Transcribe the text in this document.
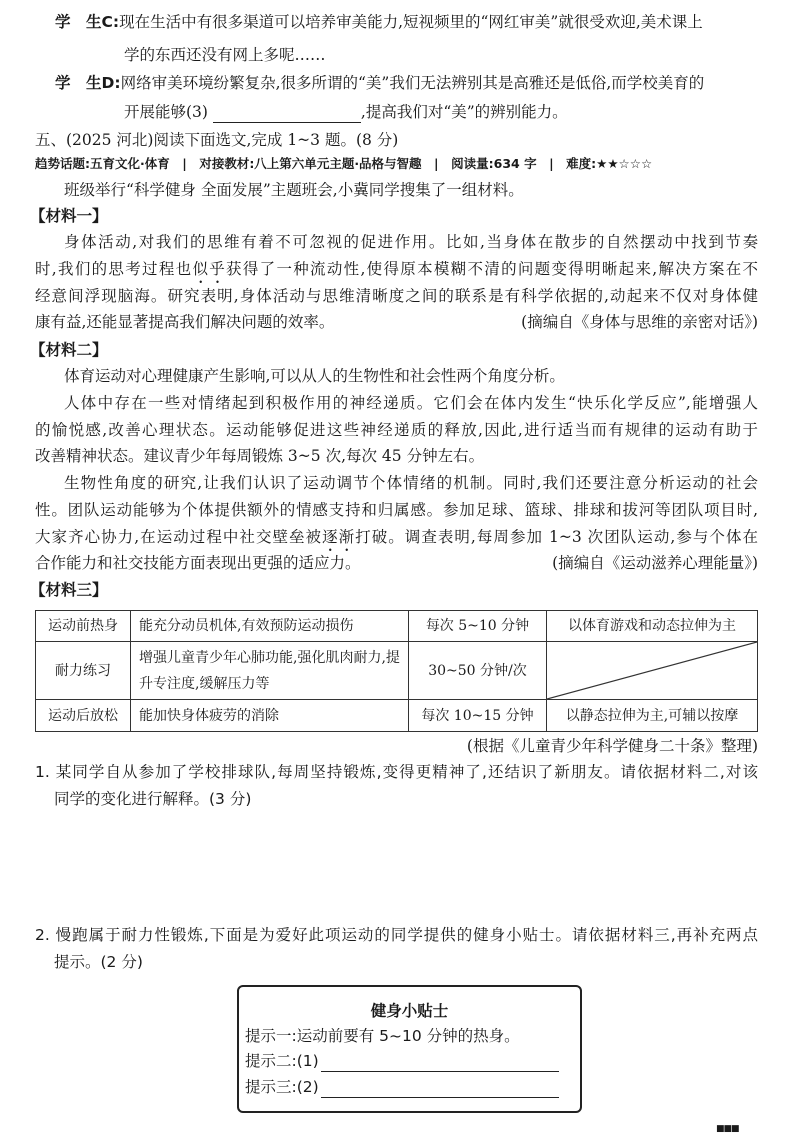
学　生C:现在生活中有很多渠道可以培养审美能力,短视频里的“网红审美”就很受欢迎,美术课上
学的东西还没有网上多呢……
学　生D:网络审美环境纷繁复杂,很多所谓的“美”我们无法辨别其是高雅还是低俗,而学校美育的
开展能够(3)	,提高我们对“美”的辨别能力。
五、(2025 河北)阅读下面选文,完成 1~3 题。(8 分)
趋势话题:五育文化·体育　|　对接教材:八上第六单元主题·品格与智趣　|　阅读量:634 字　|　难度:★★☆☆☆
班级举行“科学健身 全面发展”主题班会,小冀同学搜集了一组材料。
【材料一】
身体活动,对我们的思维有着不可忽视的促进作用。比如,当身体在散步的自然摆动中找到节奏
时,我们的思考过程也似乎获得了一种流动性,使得原本模糊不清的问题变得明晰起来,解决方案在不
经意间浮现脑海。研究表明,身体活动与思维清晰度之间的联系是有科学依据的,动起来不仅对身体健
康有益,还能显著提高我们解决问题的效率。	(摘编自《身体与思维的亲密对话》)
【材料二】
体育运动对心理健康产生影响,可以从人的生物性和社会性两个角度分析。
人体中存在一些对情绪起到积极作用的神经递质。它们会在体内发生“快乐化学反应”,能增强人
的愉悦感,改善心理状态。运动能够促进这些神经递质的释放,因此,进行适当而有规律的运动有助于
改善精神状态。建议青少年每周锻炼 3~5 次,每次 45 分钟左右。
生物性角度的研究,让我们认识了运动调节个体情绪的机制。同时,我们还要注意分析运动的社会
性。团队运动能够为个体提供额外的情感支持和归属感。参加足球、篮球、排球和拔河等团队项目时,
大家齐心协力,在运动过程中社交壁垒被逐渐打破。调查表明,每周参加 1~3 次团队运动,参与个体在
合作能力和社交技能方面表现出更强的适应力。	(摘编自《运动滋养心理能量》)
【材料三】
运动前热身	能充分动员机体,有效预防运动损伤	每次 5~10 分钟	以体育游戏和动态拉伸为主
耐力练习	增强儿童青少年心肺功能,强化肌肉耐力,提升专注度,缓解压力等	30~50 分钟/次	

运动后放松	能加快身体疲劳的消除	每次 10~15 分钟	以静态拉伸为主,可辅以按摩
(根据《儿童青少年科学健身二十条》整理)
1. 某同学自从参加了学校排球队,每周坚持锻炼,变得更精神了,还结识了新朋友。请依据材料二,对该
同学的变化进行解释。(3 分)
2. 慢跑属于耐力性锻炼,下面是为爱好此项运动的同学提供的健身小贴士。请依据材料三,再补充两点
提示。(2 分)
健身小贴士
提示一:运动前要有 5~10 分钟的热身。
提示二:(1)
提示三:(2)
■■■
